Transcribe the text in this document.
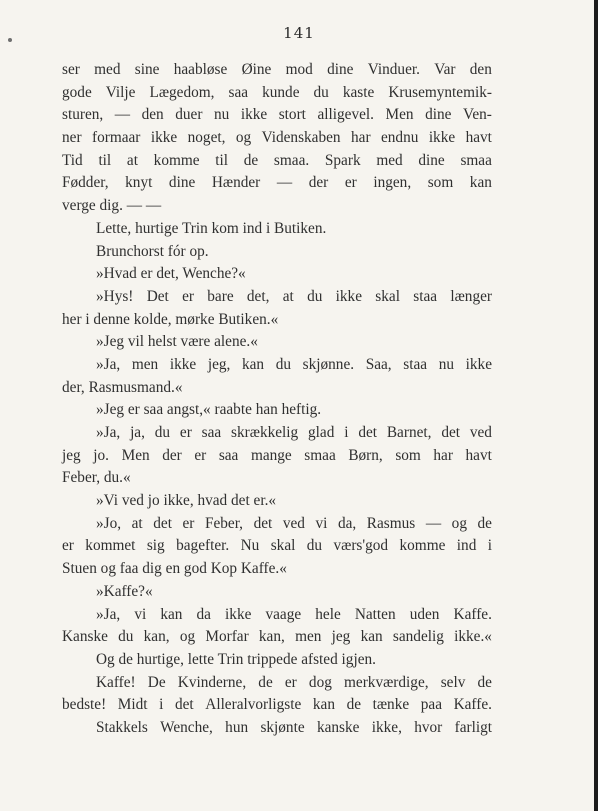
141
ser med sine haabløse Øine mod dine Vinduer. Var den
gode Vilje Lægedom, saa kunde du kaste Krusemyntemik-
sturen, — den duer nu ikke stort alligevel. Men dine Ven-
ner formaar ikke noget, og Videnskaben har endnu ikke havt
Tid til at komme til de smaa. Spark med dine smaa
Fødder, knyt dine Hænder — der er ingen, som kan
verge dig. — —
Lette, hurtige Trin kom ind i Butiken.
Brunchorst fór op.
»Hvad er det, Wenche?«
»Hys! Det er bare det, at du ikke skal staa længer
her i denne kolde, mørke Butiken.«
»Jeg vil helst være alene.«
»Ja, men ikke jeg, kan du skjønne. Saa, staa nu ikke
der, Rasmusmand.«
»Jeg er saa angst,« raabte han heftig.
»Ja, ja, du er saa skrækkelig glad i det Barnet, det ved
jeg jo. Men der er saa mange smaa Børn, som har havt
Feber, du.«
»Vi ved jo ikke, hvad det er.«
»Jo, at det er Feber, det ved vi da, Rasmus — og de
er kommet sig bagefter. Nu skal du værs'god komme ind i
Stuen og faa dig en god Kop Kaffe.«
»Kaffe?«
»Ja, vi kan da ikke vaage hele Natten uden Kaffe.
Kanske du kan, og Morfar kan, men jeg kan sandelig ikke.«
Og de hurtige, lette Trin trippede afsted igjen.
Kaffe! De Kvinderne, de er dog merkværdige, selv de
bedste! Midt i det Alleralvorligste kan de tænke paa Kaffe.
Stakkels Wenche, hun skjønte kanske ikke, hvor farligt
